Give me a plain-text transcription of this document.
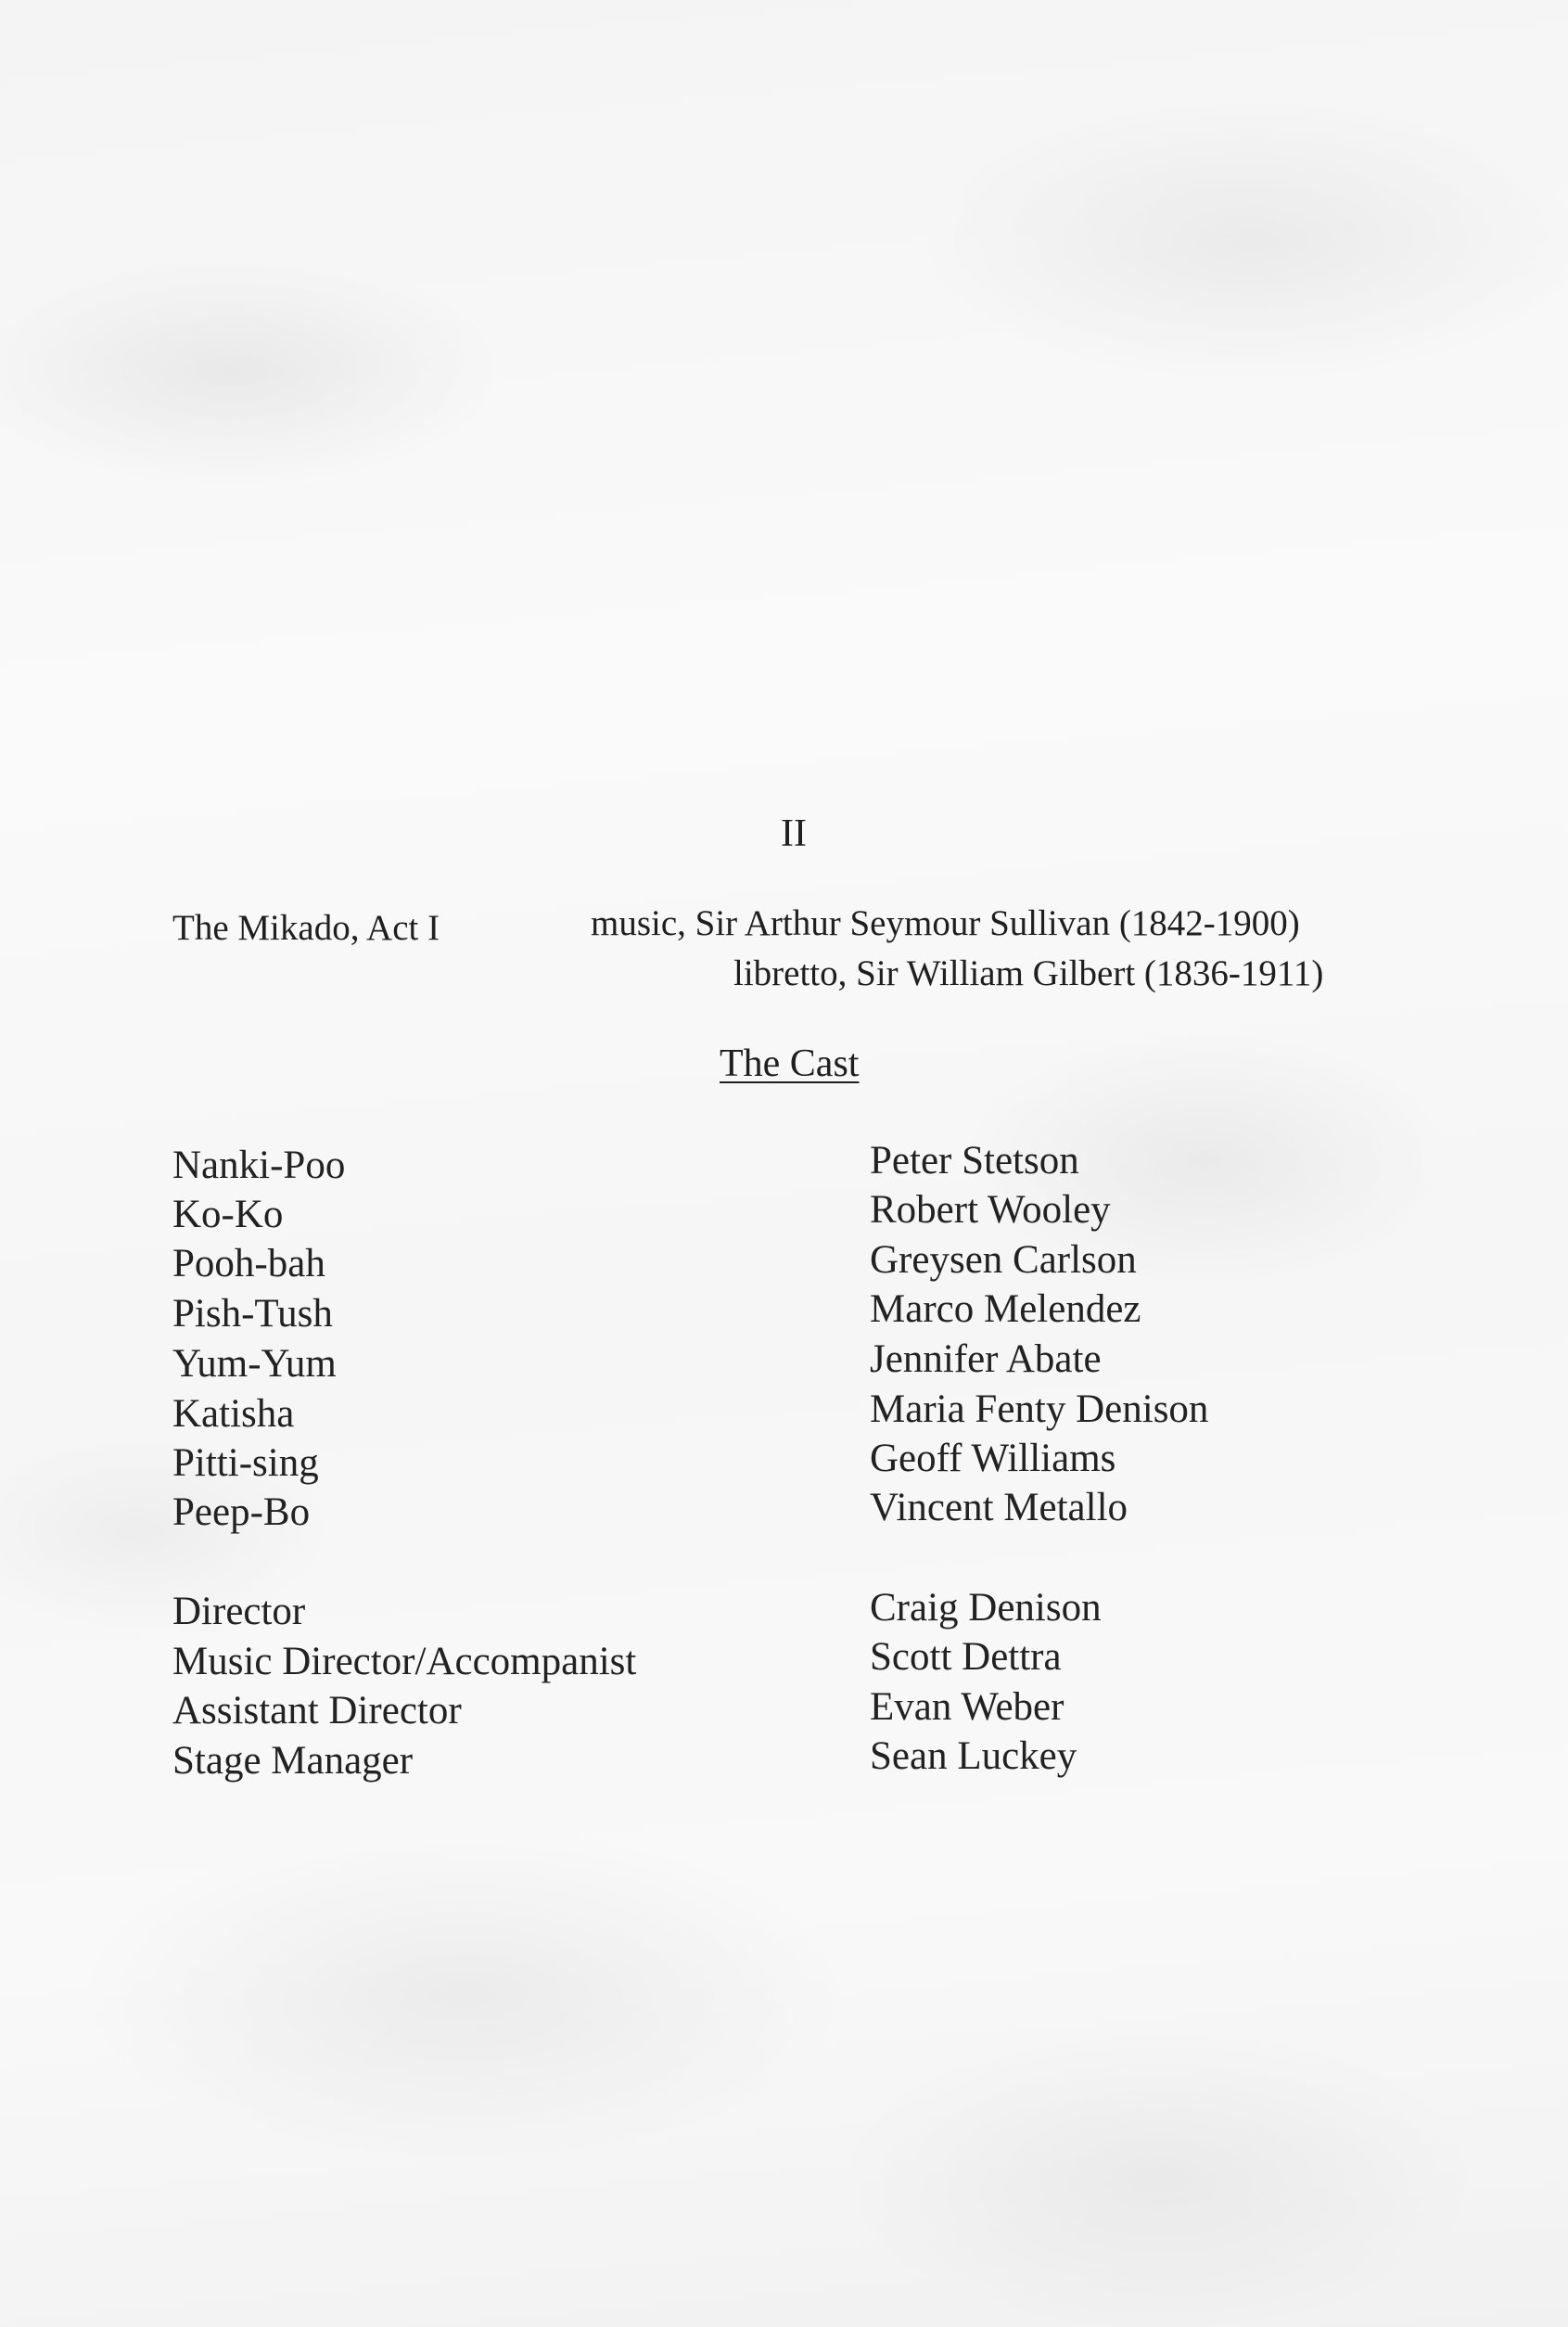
II
The Mikado, Act I	music, Sir Arthur Seymour Sullivan (1842-1900)
libretto, Sir William Gilbert (1836-1911)
The Cast
Nanki-Poo
Ko-Ko
Pooh-bah
Pish-Tush
Yum-Yum
Katisha
Pitti-sing
Peep-Bo
Peter Stetson
Robert Wooley
Greysen Carlson
Marco Melendez
Jennifer Abate
Maria Fenty Denison
Geoff Williams
Vincent Metallo
Director
Music Director/Accompanist
Assistant Director
Stage Manager
Craig Denison
Scott Dettra
Evan Weber
Sean Luckey
